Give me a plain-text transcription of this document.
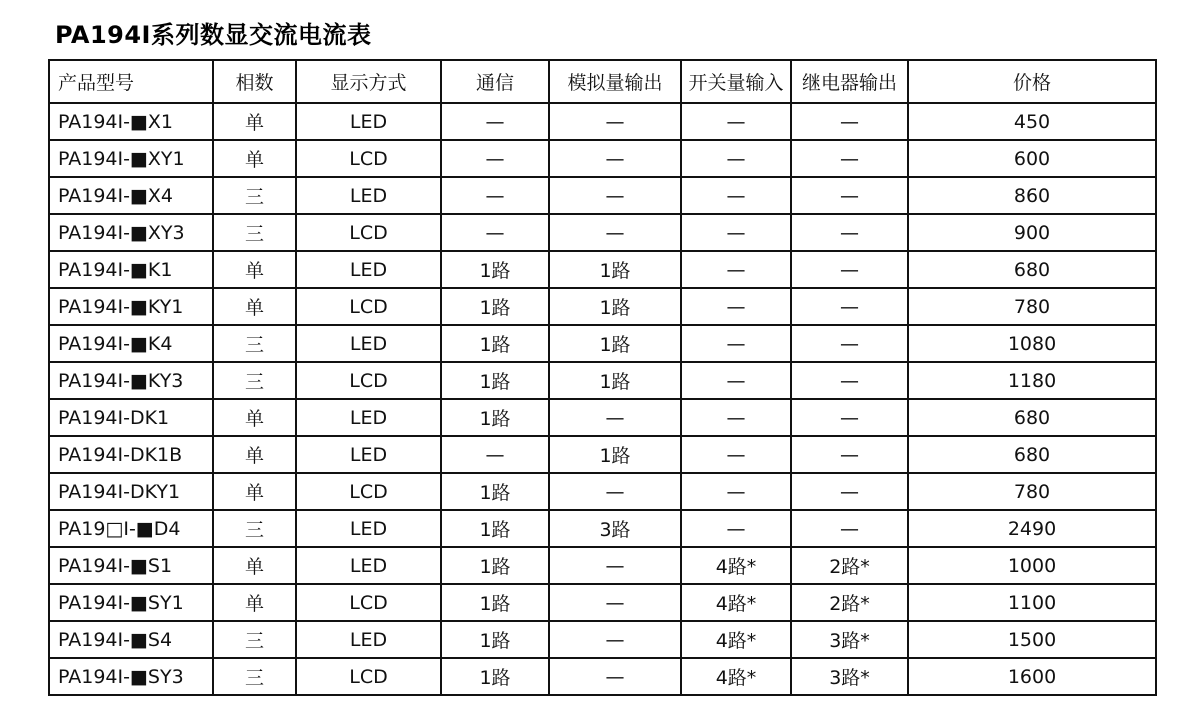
PA194I系列数显交流电流表
产品型号	相数	显示方式	通信	模拟量输出	开关量输入	继电器输出	价格
PA194I-■X1	单	LED	—	—	—	—	450
PA194I-■XY1	单	LCD	—	—	—	—	600
PA194I-■X4	三	LED	—	—	—	—	860
PA194I-■XY3	三	LCD	—	—	—	—	900
PA194I-■K1	单	LED	1路	1路	—	—	680
PA194I-■KY1	单	LCD	1路	1路	—	—	780
PA194I-■K4	三	LED	1路	1路	—	—	1080
PA194I-■KY3	三	LCD	1路	1路	—	—	1180
PA194I-DK1	单	LED	1路	—	—	—	680
PA194I-DK1B	单	LED	—	1路	—	—	680
PA194I-DKY1	单	LCD	1路	—	—	—	780
PA19□I-■D4	三	LED	1路	3路	—	—	2490
PA194I-■S1	单	LED	1路	—	4路*	2路*	1000
PA194I-■SY1	单	LCD	1路	—	4路*	2路*	1100
PA194I-■S4	三	LED	1路	—	4路*	3路*	1500
PA194I-■SY3	三	LCD	1路	—	4路*	3路*	1600
